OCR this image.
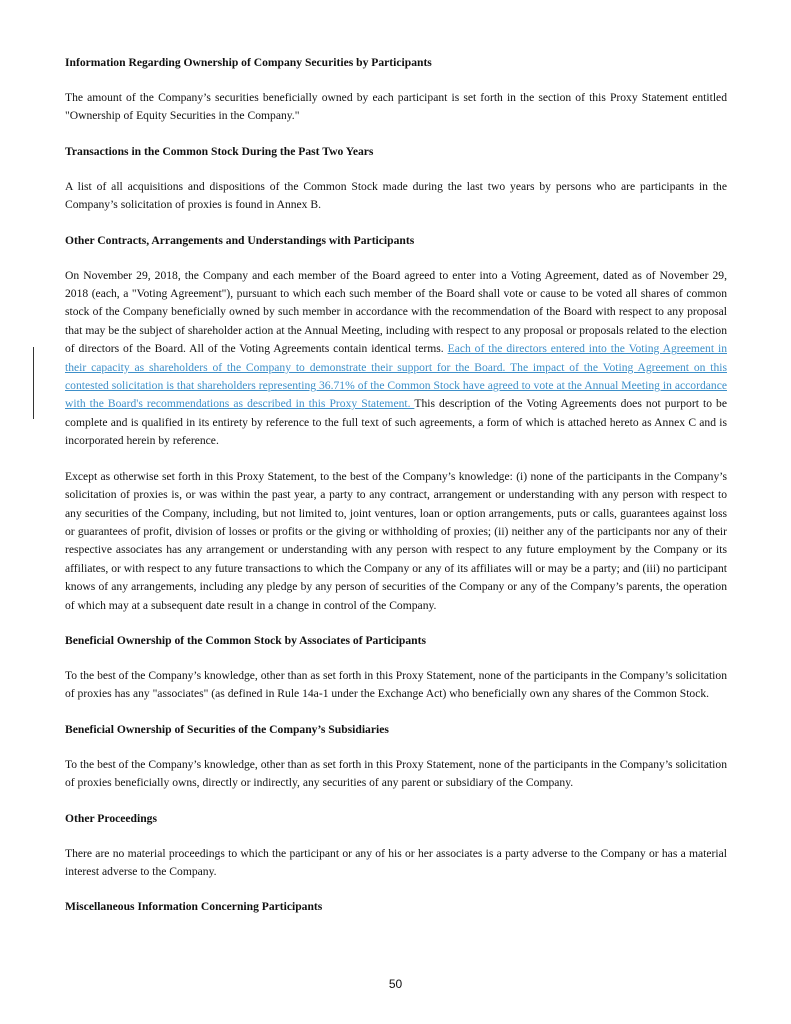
Information Regarding Ownership of Company Securities by Participants
The amount of the Company’s securities beneficially owned by each participant is set forth in the section of this Proxy Statement entitled "Ownership of Equity Securities in the Company."
Transactions in the Common Stock During the Past Two Years
A list of all acquisitions and dispositions of the Common Stock made during the last two years by persons who are participants in the Company’s solicitation of proxies is found in Annex B.
Other Contracts, Arrangements and Understandings with Participants
On November 29, 2018, the Company and each member of the Board agreed to enter into a Voting Agreement, dated as of November 29, 2018 (each, a "Voting Agreement"), pursuant to which each such member of the Board shall vote or cause to be voted all shares of common stock of the Company beneficially owned by such member in accordance with the recommendation of the Board with respect to any proposal that may be the subject of shareholder action at the Annual Meeting, including with respect to any proposal or proposals related to the election of directors of the Board. All of the Voting Agreements contain identical terms. Each of the directors entered into the Voting Agreement in their capacity as shareholders of the Company to demonstrate their support for the Board. The impact of the Voting Agreement on this contested solicitation is that shareholders representing 36.71% of the Common Stock have agreed to vote at the Annual Meeting in accordance with the Board's recommendations as described in this Proxy Statement. This description of the Voting Agreements does not purport to be complete and is qualified in its entirety by reference to the full text of such agreements, a form of which is attached hereto as Annex C and is incorporated herein by reference.
Except as otherwise set forth in this Proxy Statement, to the best of the Company’s knowledge: (i) none of the participants in the Company’s solicitation of proxies is, or was within the past year, a party to any contract, arrangement or understanding with any person with respect to any securities of the Company, including, but not limited to, joint ventures, loan or option arrangements, puts or calls, guarantees against loss or guarantees of profit, division of losses or profits or the giving or withholding of proxies; (ii) neither any of the participants nor any of their respective associates has any arrangement or understanding with any person with respect to any future employment by the Company or its affiliates, or with respect to any future transactions to which the Company or any of its affiliates will or may be a party; and (iii) no participant knows of any arrangements, including any pledge by any person of securities of the Company or any of the Company’s parents, the operation of which may at a subsequent date result in a change in control of the Company.
Beneficial Ownership of the Common Stock by Associates of Participants
To the best of the Company’s knowledge, other than as set forth in this Proxy Statement, none of the participants in the Company’s solicitation of proxies has any "associates" (as defined in Rule 14a-1 under the Exchange Act) who beneficially own any shares of the Common Stock.
Beneficial Ownership of Securities of the Company’s Subsidiaries
To the best of the Company’s knowledge, other than as set forth in this Proxy Statement, none of the participants in the Company’s solicitation of proxies beneficially owns, directly or indirectly, any securities of any parent or subsidiary of the Company.
Other Proceedings
There are no material proceedings to which the participant or any of his or her associates is a party adverse to the Company or has a material interest adverse to the Company.
Miscellaneous Information Concerning Participants
50
